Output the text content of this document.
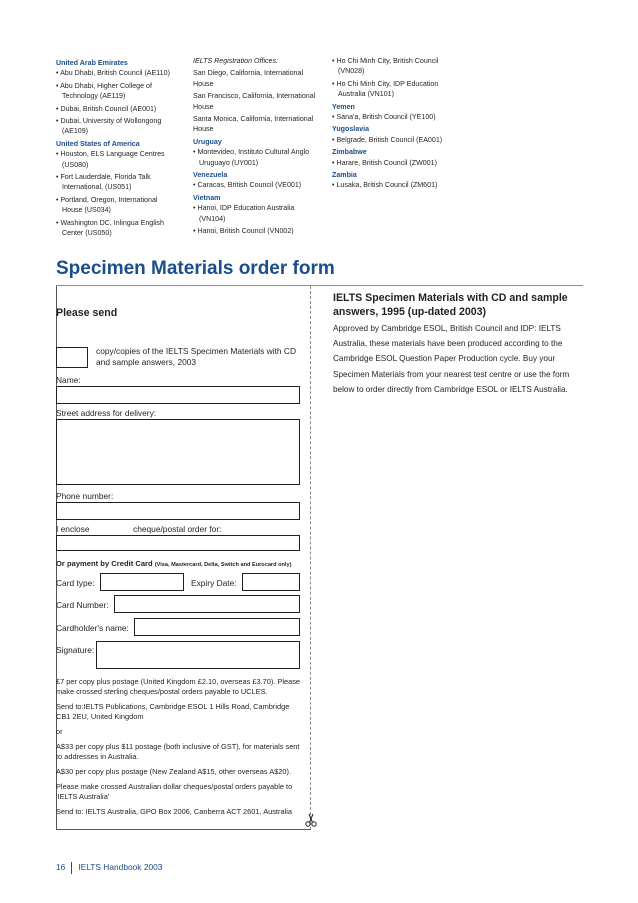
United Arab Emirates
• Abu Dhabi, British Council (AE110)
• Abu Dhabi, Higher College of Technology (AE119)
• Dubai, British Council (AE001)
• Dubai, University of Wollongong (AE109)
United States of America
• Houston, ELS Language Centres (US080)
• Fort Lauderdale, Florida Talk International, (US051)
• Portland, Oregon, International House (US034)
• Washington DC, Inlingua English Center (US050)
IELTS Registration Offices:
San Diego, California, International House
San Francisco, California, International House
Santa Monica, California, International House
Uruguay
• Montevideo, Instituto Cultural Anglo Uruguayo (UY001)
Venezuela
• Caracas, British Council (VE001)
Vietnam
• Hanoi, IDP Education Australia (VN104)
• Hanoi, British Council (VN002)
• Ho Chi Minh City, British Council (VN028)
• Ho Chi Minh City, IDP Education Australia (VN101)
Yemen
• Sana'a, British Council (YE100)
Yugoslavia
• Belgrade, British Council (EA001)
Zimbabwe
• Harare, British Council (ZW001)
Zambia
• Lusaka, British Council (ZM601)
Specimen Materials order form
Please send
copy/copies of the IELTS Specimen Materials with CD and sample answers, 2003
Name:
Street address for delivery:
Phone number:
I enclose	cheque/postal order for:
Or payment by Credit Card (Visa, Mastercard, Delta, Switch and Eurocard only)
Card type:	Expiry Date:
Card Number:
Cardholder's name:
Signature:
£7 per copy plus postage (United Kingdom £2.10, overseas £3.70). Please make crossed sterling cheques/postal orders payable to UCLES.
Send to:IELTS Publications, Cambridge ESOL 1 Hills Road, Cambridge CB1 2EU, United Kingdom
or
A$33 per copy plus $11 postage (both inclusive of GST), for materials sent to addresses in Australia.
A$30 per copy plus postage (New Zealand A$15, other overseas A$20).
Please make crossed Australian dollar cheques/postal orders payable to 'IELTS Australia'
Send to: IELTS Australia, GPO Box 2006, Canberra ACT 2601, Australia
IELTS Specimen Materials with CD and sample answers, 1995 (up-dated 2003)
Approved by Cambridge ESOL, British Council and IDP: IELTS Australia, these materials have been produced according to the Cambridge ESOL Question Paper Production cycle. Buy your Specimen Materials from your nearest test centre or use the form below to order directly from Cambridge ESOL or IELTS Australia.
16 IELTS Handbook 2003
